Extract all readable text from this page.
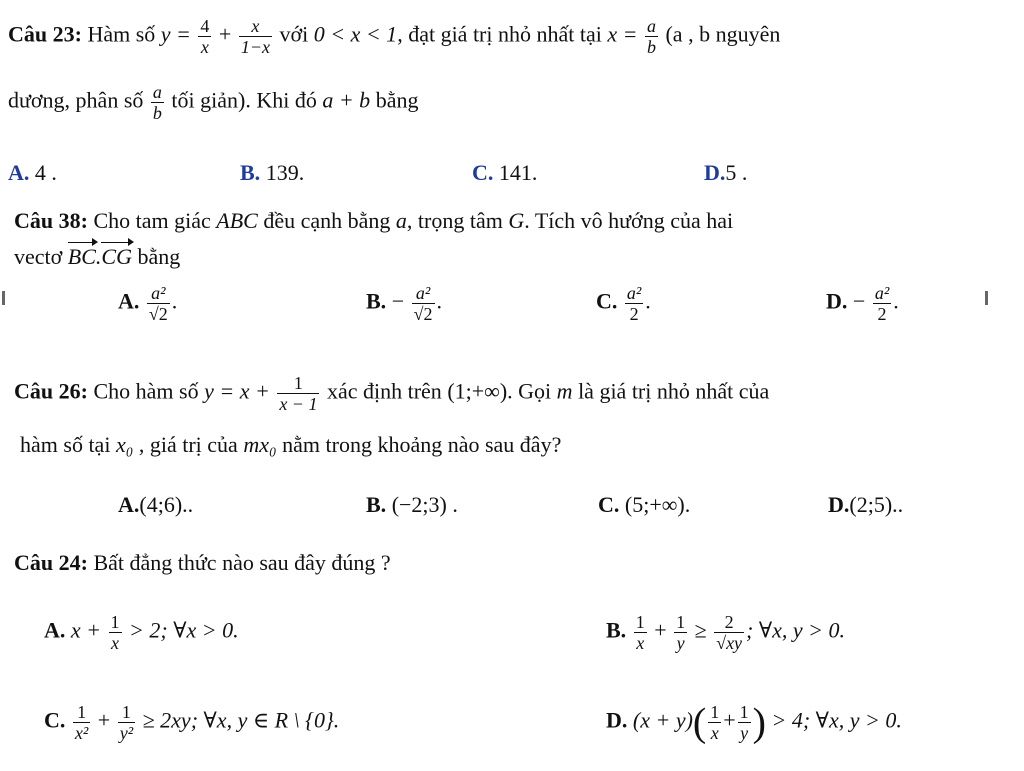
Câu 23: Hàm số $y = \frac{4}{x} + \frac{x}{1-x}$ với 0 < x < 1, đạt giá trị nhỏ nhất tại $x = \frac{a}{b} (a$ , b nguyên
dương, phân số $\frac{a}{b}$ tối giản). Khi đó a + b bằng
A. 4 .	B. 139.	C. 141.	D.5 .
Câu 38: Cho tam giác ABC đều cạnh bằng a, trọng tâm G. Tích vô hướng của hai
vectơ BC.CG bằng
A. $\frac{\text{a²}}{√2}$ .	B. − $\frac{\text{a²}}{√2}$ .	C. $\frac{\text{a²}}{2}$ .	D. − $\frac{\text{a²}}{2}$ .
Câu 26: Cho hàm số $y = x + \frac{1}{x - 1}$ xác định trên (1;+∞). Gọi m là giá trị nhỏ nhất của
hàm số tại x₀ , giá trị của mx₀ nằm trong khoảng nào sau đây?
A.(4;6)..	B. (−2;3) .	C. (5;+∞).	D.(2;5)..
Câu 24: Bất đẳng thức nào sau đây đúng ?
A. $x + \frac{1}{x} > 2$; ∀x > 0.	B. $\frac{1}{x} + \frac{1}{y} \ge \frac{2}{√xy}$ ; ∀x, y > 0.
C. $\frac{1}{\text{x²}} + \frac{1}{\text{y²}} \ge 2xy$; ∀x, y ∈ R \ {0}.	D. $(x + y)( \frac{1}{x} + \frac{1}{y}$ ) > 4; ∀x, y > 0.
